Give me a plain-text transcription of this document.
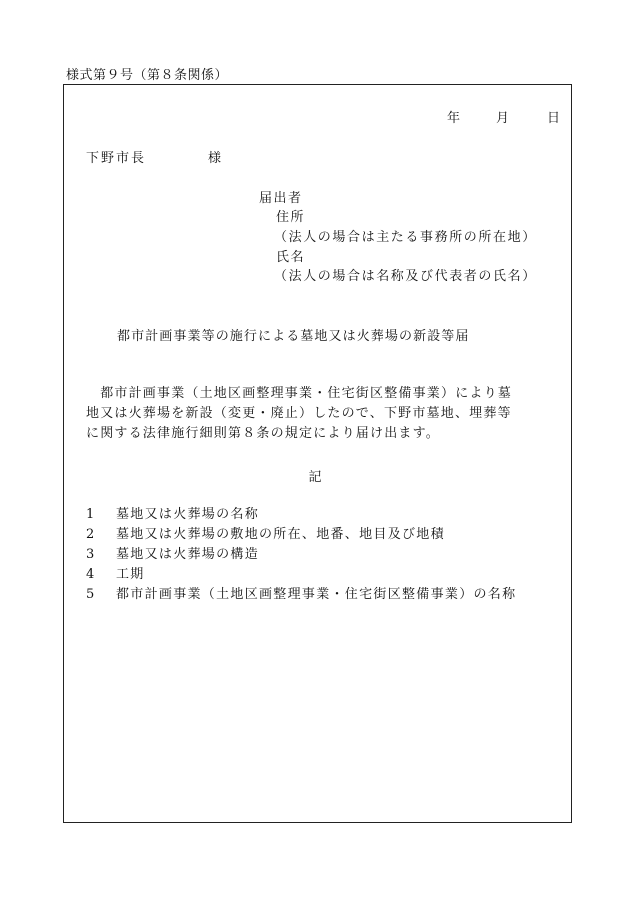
様式第９号（第８条関係）
年	月	日
下野市長	様
届出者
住所
（法人の場合は主たる事務所の所在地）
氏名
（法人の場合は名称及び代表者の氏名）
都市計画事業等の施行による墓地又は火葬場の新設等届

　都市計画事業（土地区画整理事業・住宅街区整備事業）により墓
地又は火葬場を新設（変更・廃止）したので、下野市墓地、埋葬等
に関する法律施行細則第８条の規定により届け出ます。

記
1	墓地又は火葬場の名称
2	墓地又は火葬場の敷地の所在、地番、地目及び地積
3	墓地又は火葬場の構造
4	工期
5	都市計画事業（土地区画整理事業・住宅街区整備事業）の名称
